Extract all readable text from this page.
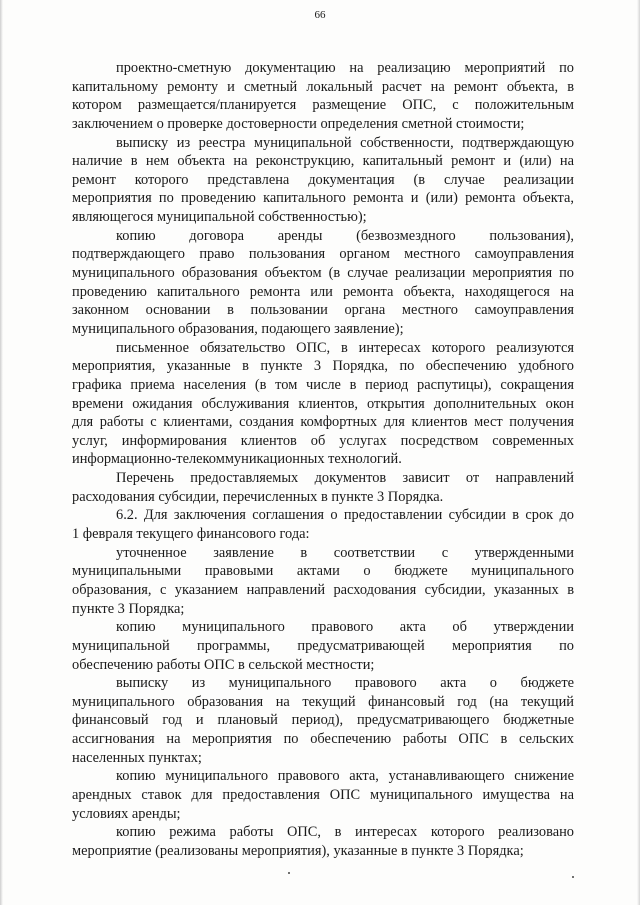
66
проектно-сметную документацию на реализацию мероприятий по
капитальному ремонту и сметный локальный расчет на ремонт объекта, в
котором размещается/планируется размещение ОПС, с положительным
заключением о проверке достоверности определения сметной стоимости;
выписку из реестра муниципальной собственности, подтверждающую
наличие в нем объекта на реконструкцию, капитальный ремонт и (или) на
ремонт которого представлена документация (в случае реализации
мероприятия по проведению капитального ремонта и (или) ремонта объекта,
являющегося муниципальной собственностью);
копию договора аренды (безвозмездного пользования),
подтверждающего право пользования органом местного самоуправления
муниципального образования объектом (в случае реализации мероприятия по
проведению капитального ремонта или ремонта объекта, находящегося на
законном основании в пользовании органа местного самоуправления
муниципального образования, подающего заявление);
письменное обязательство ОПС, в интересах которого реализуются
мероприятия, указанные в пункте 3 Порядка, по обеспечению удобного
графика приема населения (в том числе в период распутицы), сокращения
времени ожидания обслуживания клиентов, открытия дополнительных окон
для работы с клиентами, создания комфортных для клиентов мест получения
услуг, информирования клиентов об услугах посредством современных
информационно-телекоммуникационных технологий.
Перечень предоставляемых документов зависит от направлений
расходования субсидии, перечисленных в пункте 3 Порядка.
6.2. Для заключения соглашения о предоставлении субсидии в срок до
1 февраля текущего финансового года:
уточненное заявление в соответствии с утвержденными
муниципальными правовыми актами о бюджете муниципального
образования, с указанием направлений расходования субсидии, указанных в
пункте 3 Порядка;
копию муниципального правового акта об утверждении
муниципальной программы, предусматривающей мероприятия по
обеспечению работы ОПС в сельской местности;
выписку из муниципального правового акта о бюджете
муниципального образования на текущий финансовый год (на текущий
финансовый год и плановый период), предусматривающего бюджетные
ассигнования на мероприятия по обеспечению работы ОПС в сельских
населенных пунктах;
копию муниципального правового акта, устанавливающего снижение
арендных ставок для предоставления ОПС муниципального имущества на
условиях аренды;
копию режима работы ОПС, в интересах которого реализовано
мероприятие (реализованы мероприятия), указанные в пункте 3 Порядка;
